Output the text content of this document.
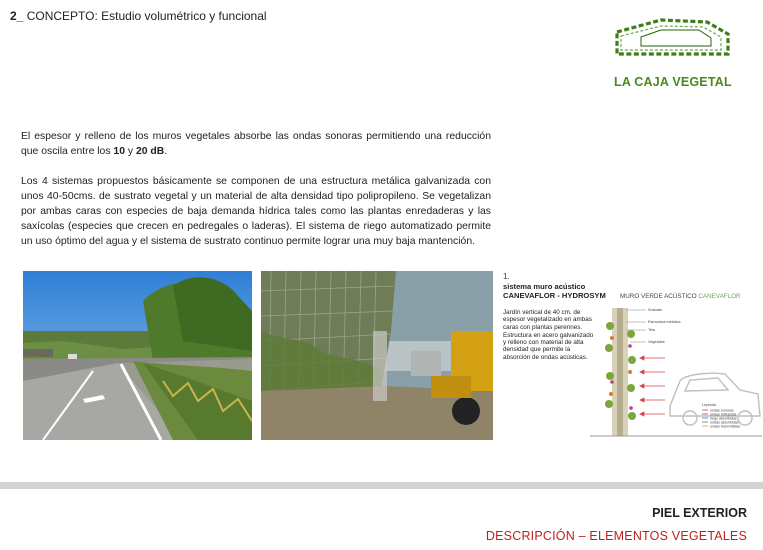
2_ CONCEPTO: Estudio volumétrico y funcional
LA CAJA VEGETAL
El espesor y relleno de los muros vegetales absorbe las ondas sonoras permitiendo una reducción que oscila entre los 10 y 20 dB.
Los 4 sistemas propuestos básicamente se componen de una estructura metálica galvanizada con unos 40-50cms. de sustrato vegetal y un material de alta densidad tipo polipropileno. Se vegetalizan por ambas caras con especies de baja demanda hídrica tales como las plantas enredaderas y las saxícolas (especies que crecen en pedregales o laderas). El sistema de riego automatizado permite un uso óptimo del agua y el sistema de sustrato continuo permite lograr una muy baja mantención.
1.
sistema muro acústico
CANEVAFLOR - HYDROSYM

Jardín vertical de 40 cm. de espesor vegetalizado en ambas caras con plantas perennes.

Estructura en acero galvanizado y relleno con material de alta densidad que permite la absorción de ondas acústicas.

MURO VERDE ACÚSTICO CANEVAFLOR
Sustrato
Estructura metálica
Tela
Vegetales
Leyenda
ondas sonoras
ondas reflejadas
riego absorbidas
ondas absorbidas
ondas transmitidas
PIEL EXTERIOR
DESCRIPCIÓN – ELEMENTOS VEGETALES
